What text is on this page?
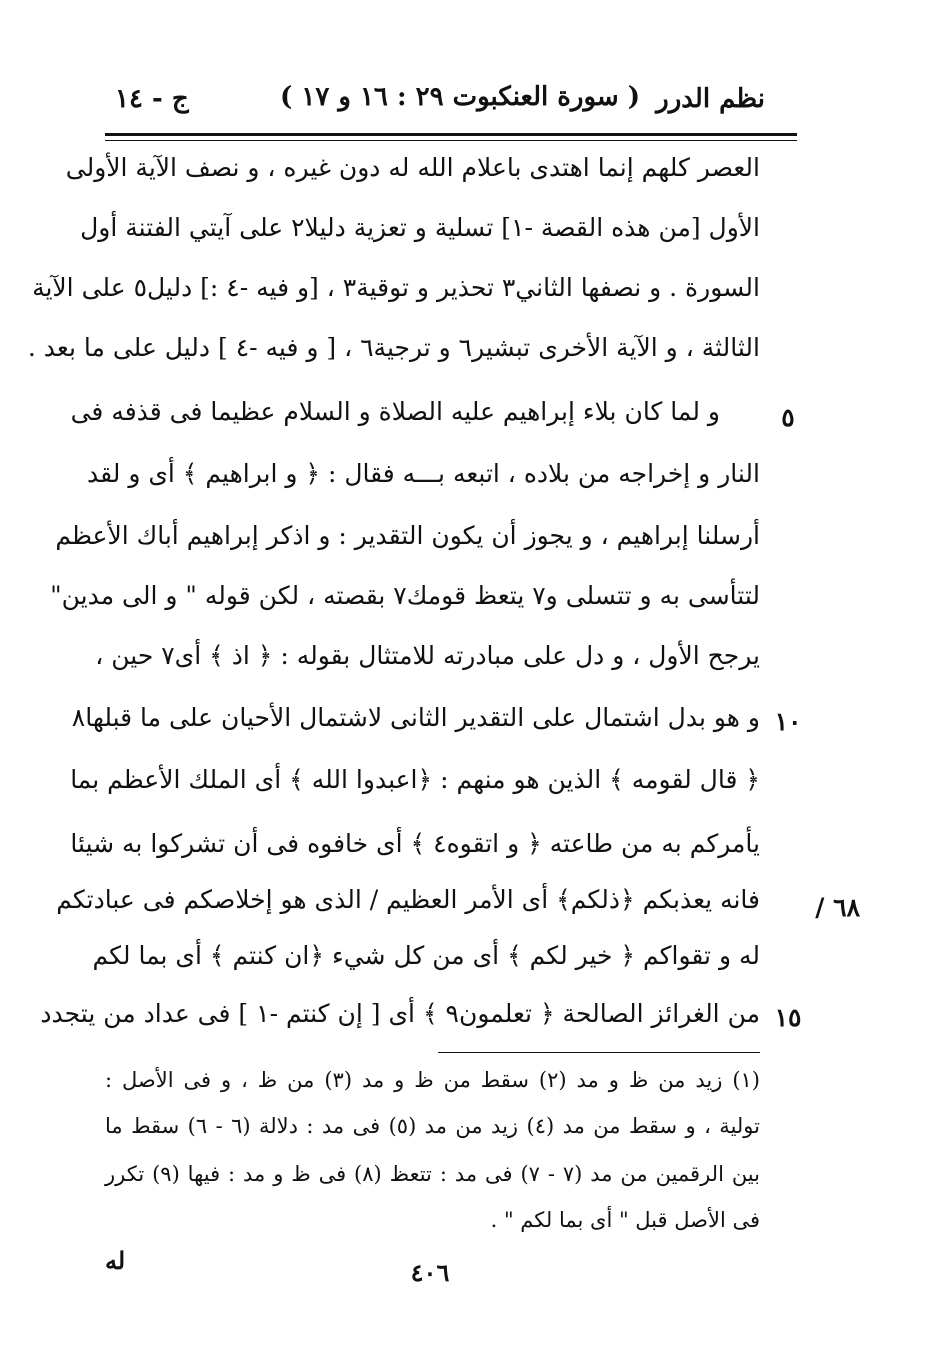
نظم الدرر
( سورة العنكبوت ٢٩ : ١٦ و ١٧ )
ج - ١٤
العصر كلهم إنما اهتدى باعلام الله له دون غيره ، و نصف الآية الأولى
الأول [من هذه القصة -١] تسلية و تعزية دليلا٢ على آيتي الفتنة أول
السورة . و نصفها الثاني٣ تحذير و توقية٣ ، [و فيه -٤ :] دليل٥ على الآية
الثالثة ، و الآية الأخرى تبشير٦ و ترجية٦ ، [ و فيه -٤ ] دليل على ما بعد .
و لما كان بلاء إبراهيم عليه الصلاة و السلام عظيما فى قذفه فى
النار و إخراجه من بلاده ، اتبعه بـــه فقال : ﴿ و ابراهيم ﴾ أى و لقد
أرسلنا إبراهيم ، و يجوز أن يكون التقدير : و اذكر إبراهيم أباك الأعظم
لتتأسى به و تتسلى و٧ يتعظ قومك٧ بقصته ، لكن قوله " و الى مدين"
يرجح الأول ، و دل على مبادرته للامتثال بقوله : ﴿ اذ ﴾ أى٧ حين ،
و هو بدل اشتمال على التقدير الثانى لاشتمال الأحيان على ما قبلها٨
﴿ قال لقومه ﴾ الذين هو منهم : ﴿اعبدوا الله ﴾ أى الملك الأعظم بما
يأمركم به من طاعته ﴿ و اتقوه٤ ﴾ أى خافوه فى أن تشركوا به شيئا
فانه يعذبكم ﴿ذلكم﴾ أى الأمر العظيم / الذى هو إخلاصكم فى عبادتكم
له و تقواكم ﴿ خير لكم ﴾ أى من كل شيء ﴿ان كنتم ﴾ أى بما لكم
من الغرائز الصالحة ﴿ تعلمون٩ ﴾ أى [ إن كنتم -١ ] فى عداد من يتجدد
٥
١٠
١٥
٦٨ /
(١) زيد من ظ و مد (٢) سقط من ظ و مد (٣) من ظ ، و فى الأصل :
تولية ، و سقط من مد (٤) زيد من مد (٥) فى مد : دلالة (٦ - ٦) سقط ما
بين الرقمين من مد (٧ - ٧) فى مد : تتعظ (٨) فى ظ و مد : فيها (٩) تكرر
فى الأصل قبل " أى بما لكم " .
٤٠٦
له
